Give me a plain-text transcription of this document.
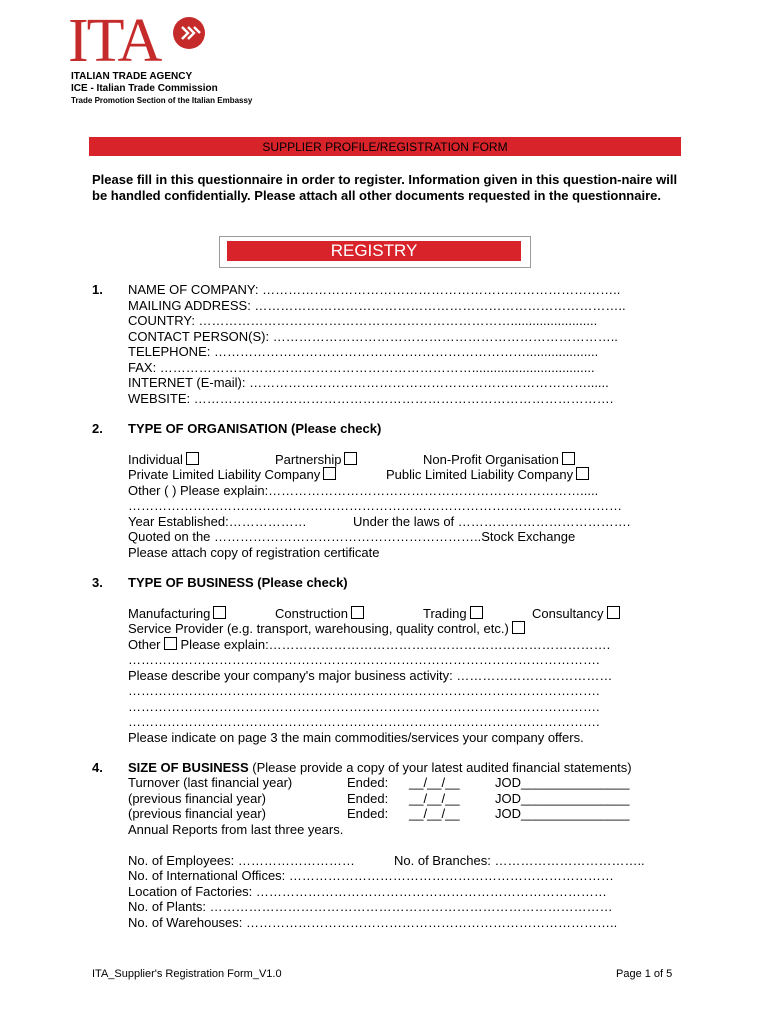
ITA
ITALIAN TRADE AGENCY
ICE - Italian Trade Commission
Trade Promotion Section of the Italian Embassy
SUPPLIER PROFILE/REGISTRATION FORM
Please fill in this questionnaire in order to register. Information given in this question-naire will be handled confidentially. Please attach all other documents requested in the questionnaire.
REGISTRY
1. NAME OF COMPANY: ………………………………………………………………………..
MAILING ADDRESS: …………………………………………………………………………..
COUNTRY: ………………………………………………………………........................
CONTACT PERSON(S): ……………………………………………………………………..
TELEPHONE: ………………………………………………………………....................
FAX: ………………………………………………………………..................................
INTERNET (E-mail): ……………………………………………………………………......
WEBSITE: …………………………………………………………………………………….
2. TYPE OF ORGANISATION (Please check)
Individual	Partnership	Non-Profit Organisation
Private Limited Liability Company	Public Limited Liability Company
Other ( ) Please explain:……………………………………………………………….....
……………………………………………………………………………………………………
Year Established:………………	Under the laws of ………………………………….
Quoted on the ……………………………………………………..Stock Exchange
Please attach copy of registration certificate
3. TYPE OF BUSINESS (Please check)
Manufacturing	Construction	Trading	Consultancy
Service Provider (e.g. transport, warehousing, quality control, etc.)
Other Please explain:…………………………………………………………………….
……………………………………………………………………………………………….
Please describe your company's major business activity: ………………………………
……………………………………………………………………………………………….
……………………………………………………………………………………………….
……………………………………………………………………………………………….
Please indicate on page 3 the main commodities/services your company offers.
4. SIZE OF BUSINESS (Please provide a copy of your latest audited financial statements)
Turnover (last financial year)	Ended: __/__/__	JOD_______________
(previous financial year)	Ended: __/__/__	JOD_______________
(previous financial year)	Ended: __/__/__	JOD_______________
Annual Reports from last three years.
No. of Employees: ………………………	No. of Branches: ……………………………..
No. of International Offices: …………………………………………………………………
Location of Factories: ………………………………………………………………………
No. of Plants: …………………………………………………………………………………
No. of Warehouses: …………………………………………………………………………..
ITA_Supplier's Registration Form_V1.0	Page 1 of 5
